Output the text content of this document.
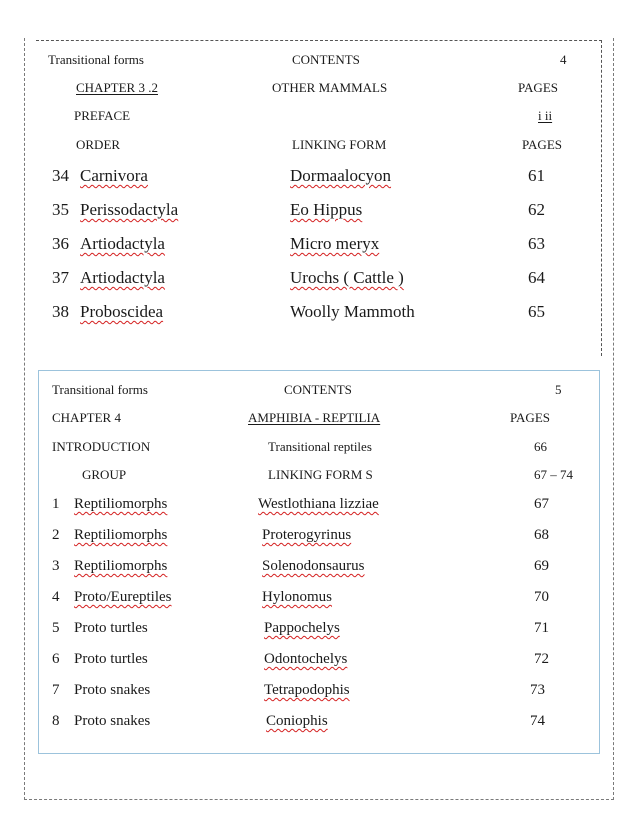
Transitional forms	CONTENTS	4
CHAPTER 3 .2	OTHER MAMMALS	PAGES
PREFACE	i ii
ORDER	LINKING FORM	PAGES
34 Carnivora	Dormaalocyon	61
35 Perissodactyla	Eo Hippus	62
36 Artiodactyla	Micro meryx	63
37 Artiodactyla	Urochs ( Cattle )	64
38 Proboscidea	Woolly Mammoth	65
Transitional forms	CONTENTS	5
CHAPTER 4	AMPHIBIA - REPTILIA	PAGES
INTRODUCTION	Transitional reptiles	66
GROUP	LINKING FORM S	67 – 74
1 Reptiliomorphs	Westlothiana lizziae	67
2 Reptiliomorphs	Proterogyrinus	68
3 Reptiliomorphs	Solenodonsaurus	69
4 Proto/Eureptiles	Hylonomus	70
5 Proto turtles	Pappochelys	71
6 Proto turtles	Odontochelys	72
7 Proto snakes	Tetrapodophis	73
8 Proto snakes	Coniophis	74
